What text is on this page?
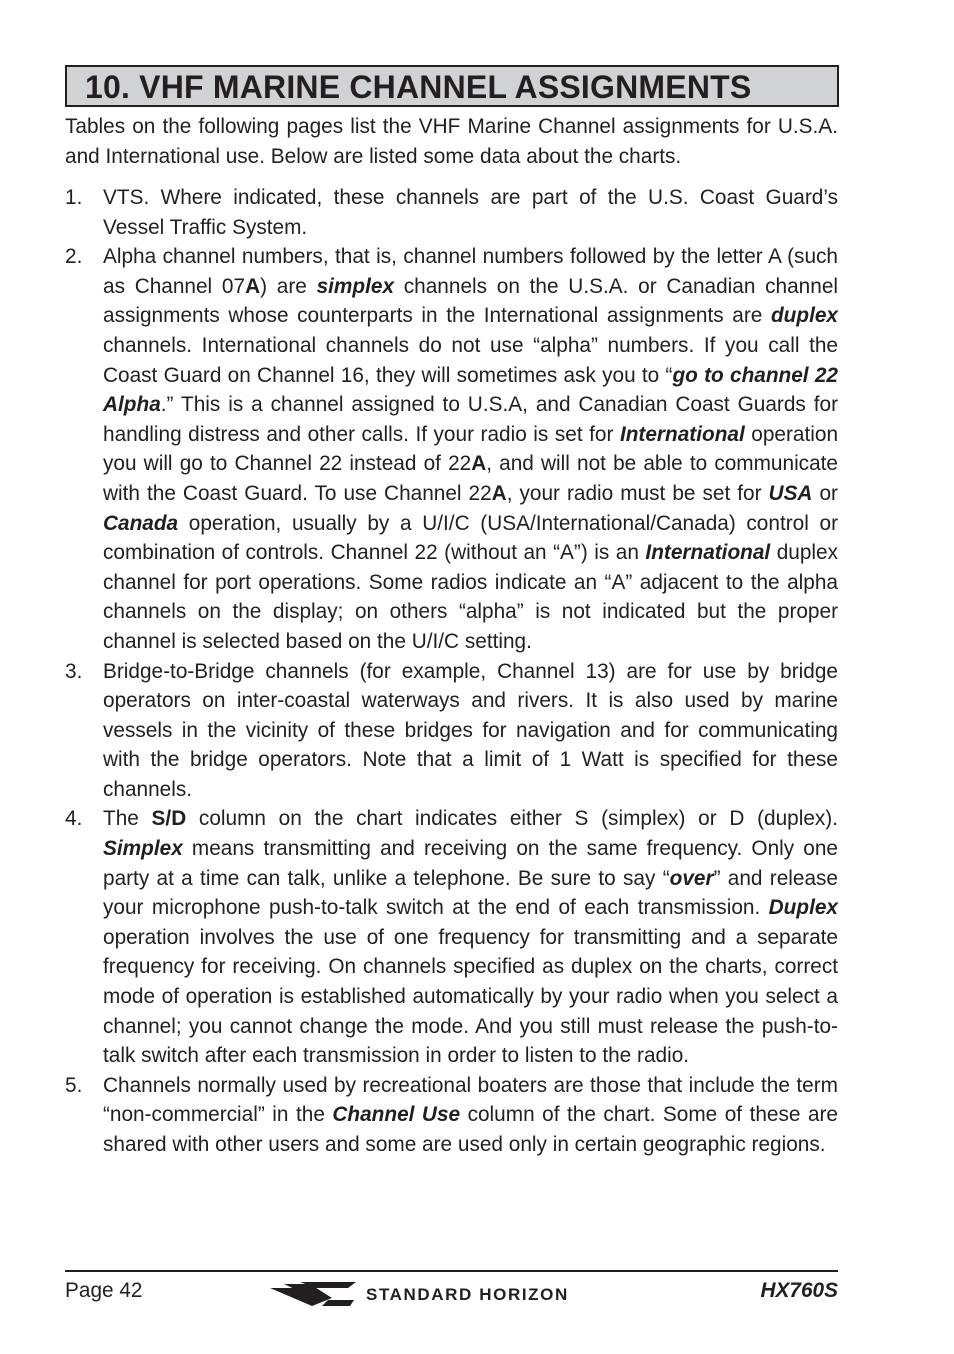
10. VHF MARINE CHANNEL ASSIGNMENTS

Tables on the following pages list the VHF Marine Channel assignments for U.S.A. and International use. Below are listed some data about the charts.

1. VTS. Where indicated, these channels are part of the U.S. Coast Guard’s Vessel Traffic System.
2. Alpha channel numbers, that is, channel numbers followed by the letter A (such as Channel 07A) are simplex channels on the U.S.A. or Canadian channel assignments whose counterparts in the International assignments are duplex channels. International channels do not use “alpha” numbers. If you call the Coast Guard on Channel 16, they will sometimes ask you to “go to channel 22 Alpha.” This is a channel assigned to U.S.A, and Canadian Coast Guards for handling distress and other calls. If your radio is set for International operation you will go to Channel 22 instead of 22A, and will not be able to communicate with the Coast Guard. To use Channel 22A, your radio must be set for USA or Canada operation, usually by a U/I/C (USA/International/Canada) control or combination of controls. Channel 22 (without an “A”) is an International duplex channel for port operations. Some radios indicate an “A” adjacent to the alpha channels on the display; on others “alpha” is not indicated but the proper channel is selected based on the U/I/C setting.
3. Bridge-to-Bridge channels (for example, Channel 13) are for use by bridge operators on inter-coastal waterways and rivers. It is also used by marine vessels in the vicinity of these bridges for navigation and for communicating with the bridge operators. Note that a limit of 1 Watt is specified for these channels.
4. The S/D column on the chart indicates either S (simplex) or D (duplex). Simplex means transmitting and receiving on the same frequency. Only one party at a time can talk, unlike a telephone. Be sure to say “over” and release your microphone push-to-talk switch at the end of each transmission. Duplex operation involves the use of one frequency for transmitting and a separate frequency for receiving. On channels specified as duplex on the charts, correct mode of operation is established automatically by your radio when you select a channel; you cannot change the mode. And you still must release the push-to-talk switch after each transmission in order to listen to the radio.
5. Channels normally used by recreational boaters are those that include the term “non-commercial” in the Channel Use column of the chart. Some of these are shared with other users and some are used only in certain geographic regions.
Page 42	STANDARD HORIZON	HX760S
